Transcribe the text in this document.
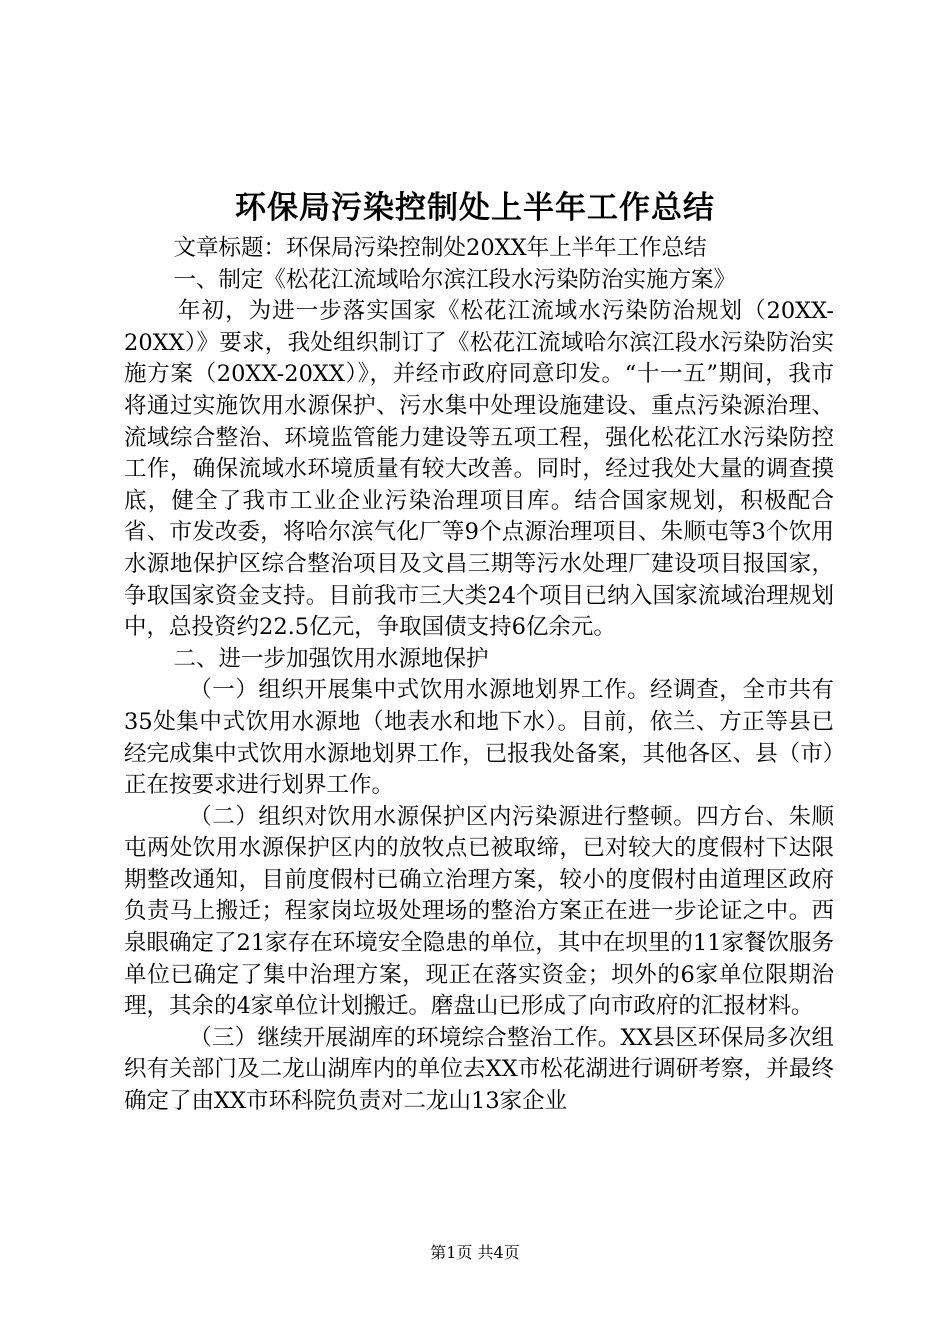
环保局污染控制处上半年工作总结

文章标题：环保局污染控制处20XX年上半年工作总结

一、制定《松花江流域哈尔滨江段水污染防治实施方案》

年初，为进一步落实国家《松花江流域水污染防治规划（20XX-20XX）》要求，我处组织制订了《松花江流域哈尔滨江段水污染防治实施方案（20XX-20XX）》，并经市政府同意印发。“十一五”期间，我市将通过实施饮用水源保护、污水集中处理设施建设、重点污染源治理、流域综合整治、环境监管能力建设等五项工程，强化松花江水污染防控工作，确保流域水环境质量有较大改善。同时，经过我处大量的调查摸底，健全了我市工业企业污染治理项目库。结合国家规划，积极配合省、市发改委，将哈尔滨气化厂等9个点源治理项目、朱顺屯等3个饮用水源地保护区综合整治项目及文昌三期等污水处理厂建设项目报国家，争取国家资金支持。目前我市三大类24个项目已纳入国家流域治理规划中，总投资约22.5亿元，争取国债支持6亿余元。

二、进一步加强饮用水源地保护

（一）组织开展集中式饮用水源地划界工作。经调查，全市共有35处集中式饮用水源地（地表水和地下水）。目前，依兰、方正等县已经完成集中式饮用水源地划界工作，已报我处备案，其他各区、县（市）正在按要求进行划界工作。

（二）组织对饮用水源保护区内污染源进行整顿。四方台、朱顺屯两处饮用水源保护区内的放牧点已被取缔，已对较大的度假村下达限期整改通知，目前度假村已确立治理方案，较小的度假村由道理区政府负责马上搬迁；程家岗垃圾处理场的整治方案正在进一步论证之中。西泉眼确定了21家存在环境安全隐患的单位，其中在坝里的11家餐饮服务单位已确定了集中治理方案，现正在落实资金；坝外的6家单位限期治理，其余的4家单位计划搬迁。磨盘山已形成了向市政府的汇报材料。

（三）继续开展湖库的环境综合整治工作。XX县区环保局多次组织有关部门及二龙山湖库内的单位去XX市松花湖进行调研考察，并最终确定了由XX市环科院负责对二龙山13家企业

第1页 共4页
